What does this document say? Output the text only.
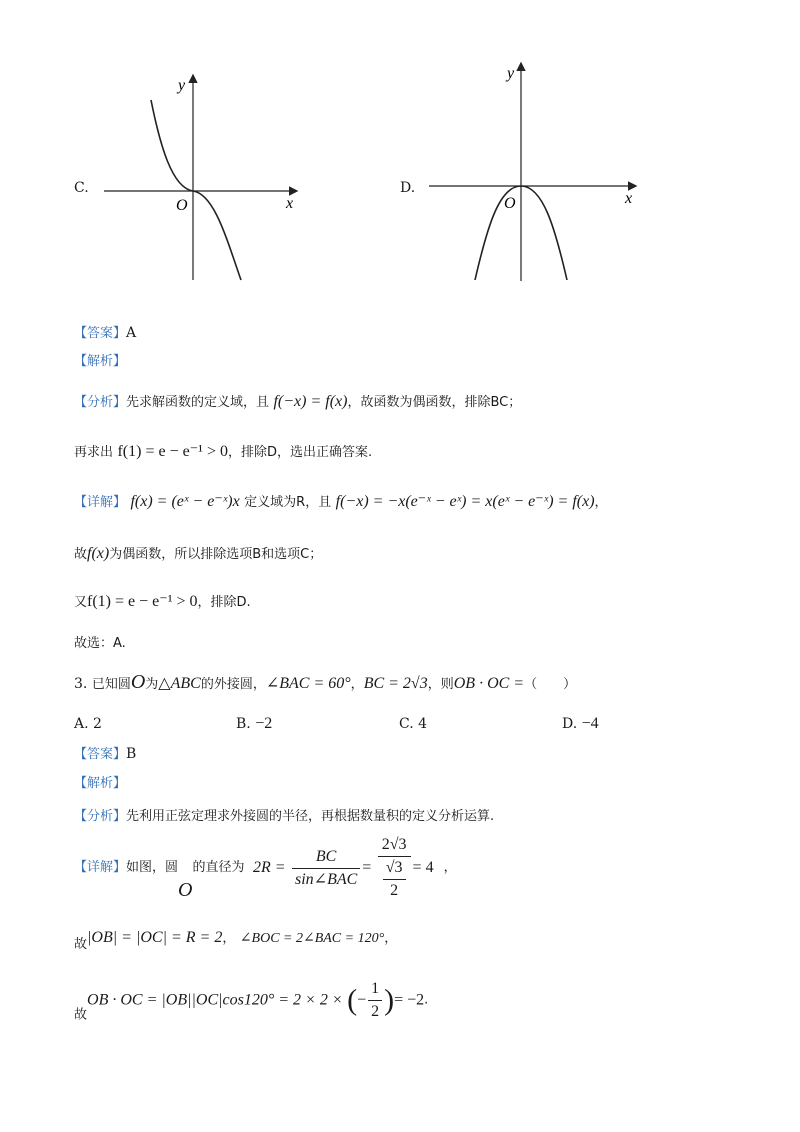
C.
y
x
O
D.
y
x
O
【答案】A
【解析】
【分析】先求解函数的定义域，且 f(−x) = f(x)，故函数为偶函数，排除BC；
再求出 f(1) = e − e⁻¹ > 0，排除D，选出正确答案.
【详解】 f(x) = (eˣ − e⁻ˣ)x 定义域为R，且 f(−x) = −x(e⁻ˣ − eˣ) = x(eˣ − e⁻ˣ) = f(x)，
故f(x)为偶函数，所以排除选项B和选项C；
又f(1) = e − e⁻¹ > 0，排除D.
故选：A.
3. 已知圆O为△ABC的外接圆，∠BAC = 60°，BC = 2√3，则OB · OC =（　　）
A. 2	B. −2	C. 4	D. −4
【答案】B
【解析】
【分析】先利用正弦定理求外接圆的半径，再根据数量积的定义分析运算.
【详解】如图，圆O的直径为 $2R = \frac{BC}{\text{sin∠BAC}} = \frac{2√3}{\frac{√3}{2}} = 4$ ，
故|OB| = |OC| = R = 2， ∠BOC = 2∠BAC = 120°，
故OB · OC = |OB||OC|cos120° = 2 × 2 × (− $\frac{1}{2}$ )= −2.
